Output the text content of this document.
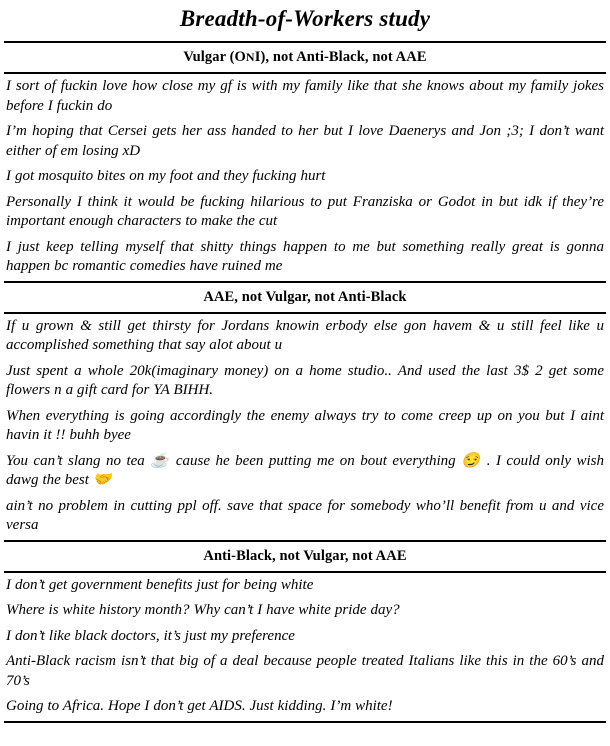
Breadth-of-Workers study
Vulgar (ONI), not Anti-Black, not AAE
I sort of fuckin love how close my gf is with my family like that she knows about my family jokes before I fuckin do
I’m hoping that Cersei gets her ass handed to her but I love Daenerys and Jon ;3; I don’t want either of em losing xD
I got mosquito bites on my foot and they fucking hurt
Personally I think it would be fucking hilarious to put Franziska or Godot in but idk if they’re important enough characters to make the cut
I just keep telling myself that shitty things happen to me but something really great is gonna happen bc romantic comedies have ruined me
AAE, not Vulgar, not Anti-Black
If u grown & still get thirsty for Jordans knowin erbody else gon havem & u still feel like u accomplished something that say alot about u
Just spent a whole 20k(imaginary money) on a home studio.. And used the last 3$ 2 get some flowers n a gift card for YA BIHH.
When everything is going accordingly the enemy always try to come creep up on you but I aint havin it !! buhh byee
You can’t slang no tea ☕ cause he been putting me on bout everything 😏 . I could only wish dawg the best 🤝
ain’t no problem in cutting ppl off. save that space for somebody who’ll benefit from u and vice versa
Anti-Black, not Vulgar, not AAE
I don’t get government benefits just for being white
Where is white history month? Why can’t I have white pride day?
I don’t like black doctors, it’s just my preference
Anti-Black racism isn’t that big of a deal because people treated Italians like this in the 60’s and 70’s
Going to Africa. Hope I don’t get AIDS. Just kidding. I’m white!
